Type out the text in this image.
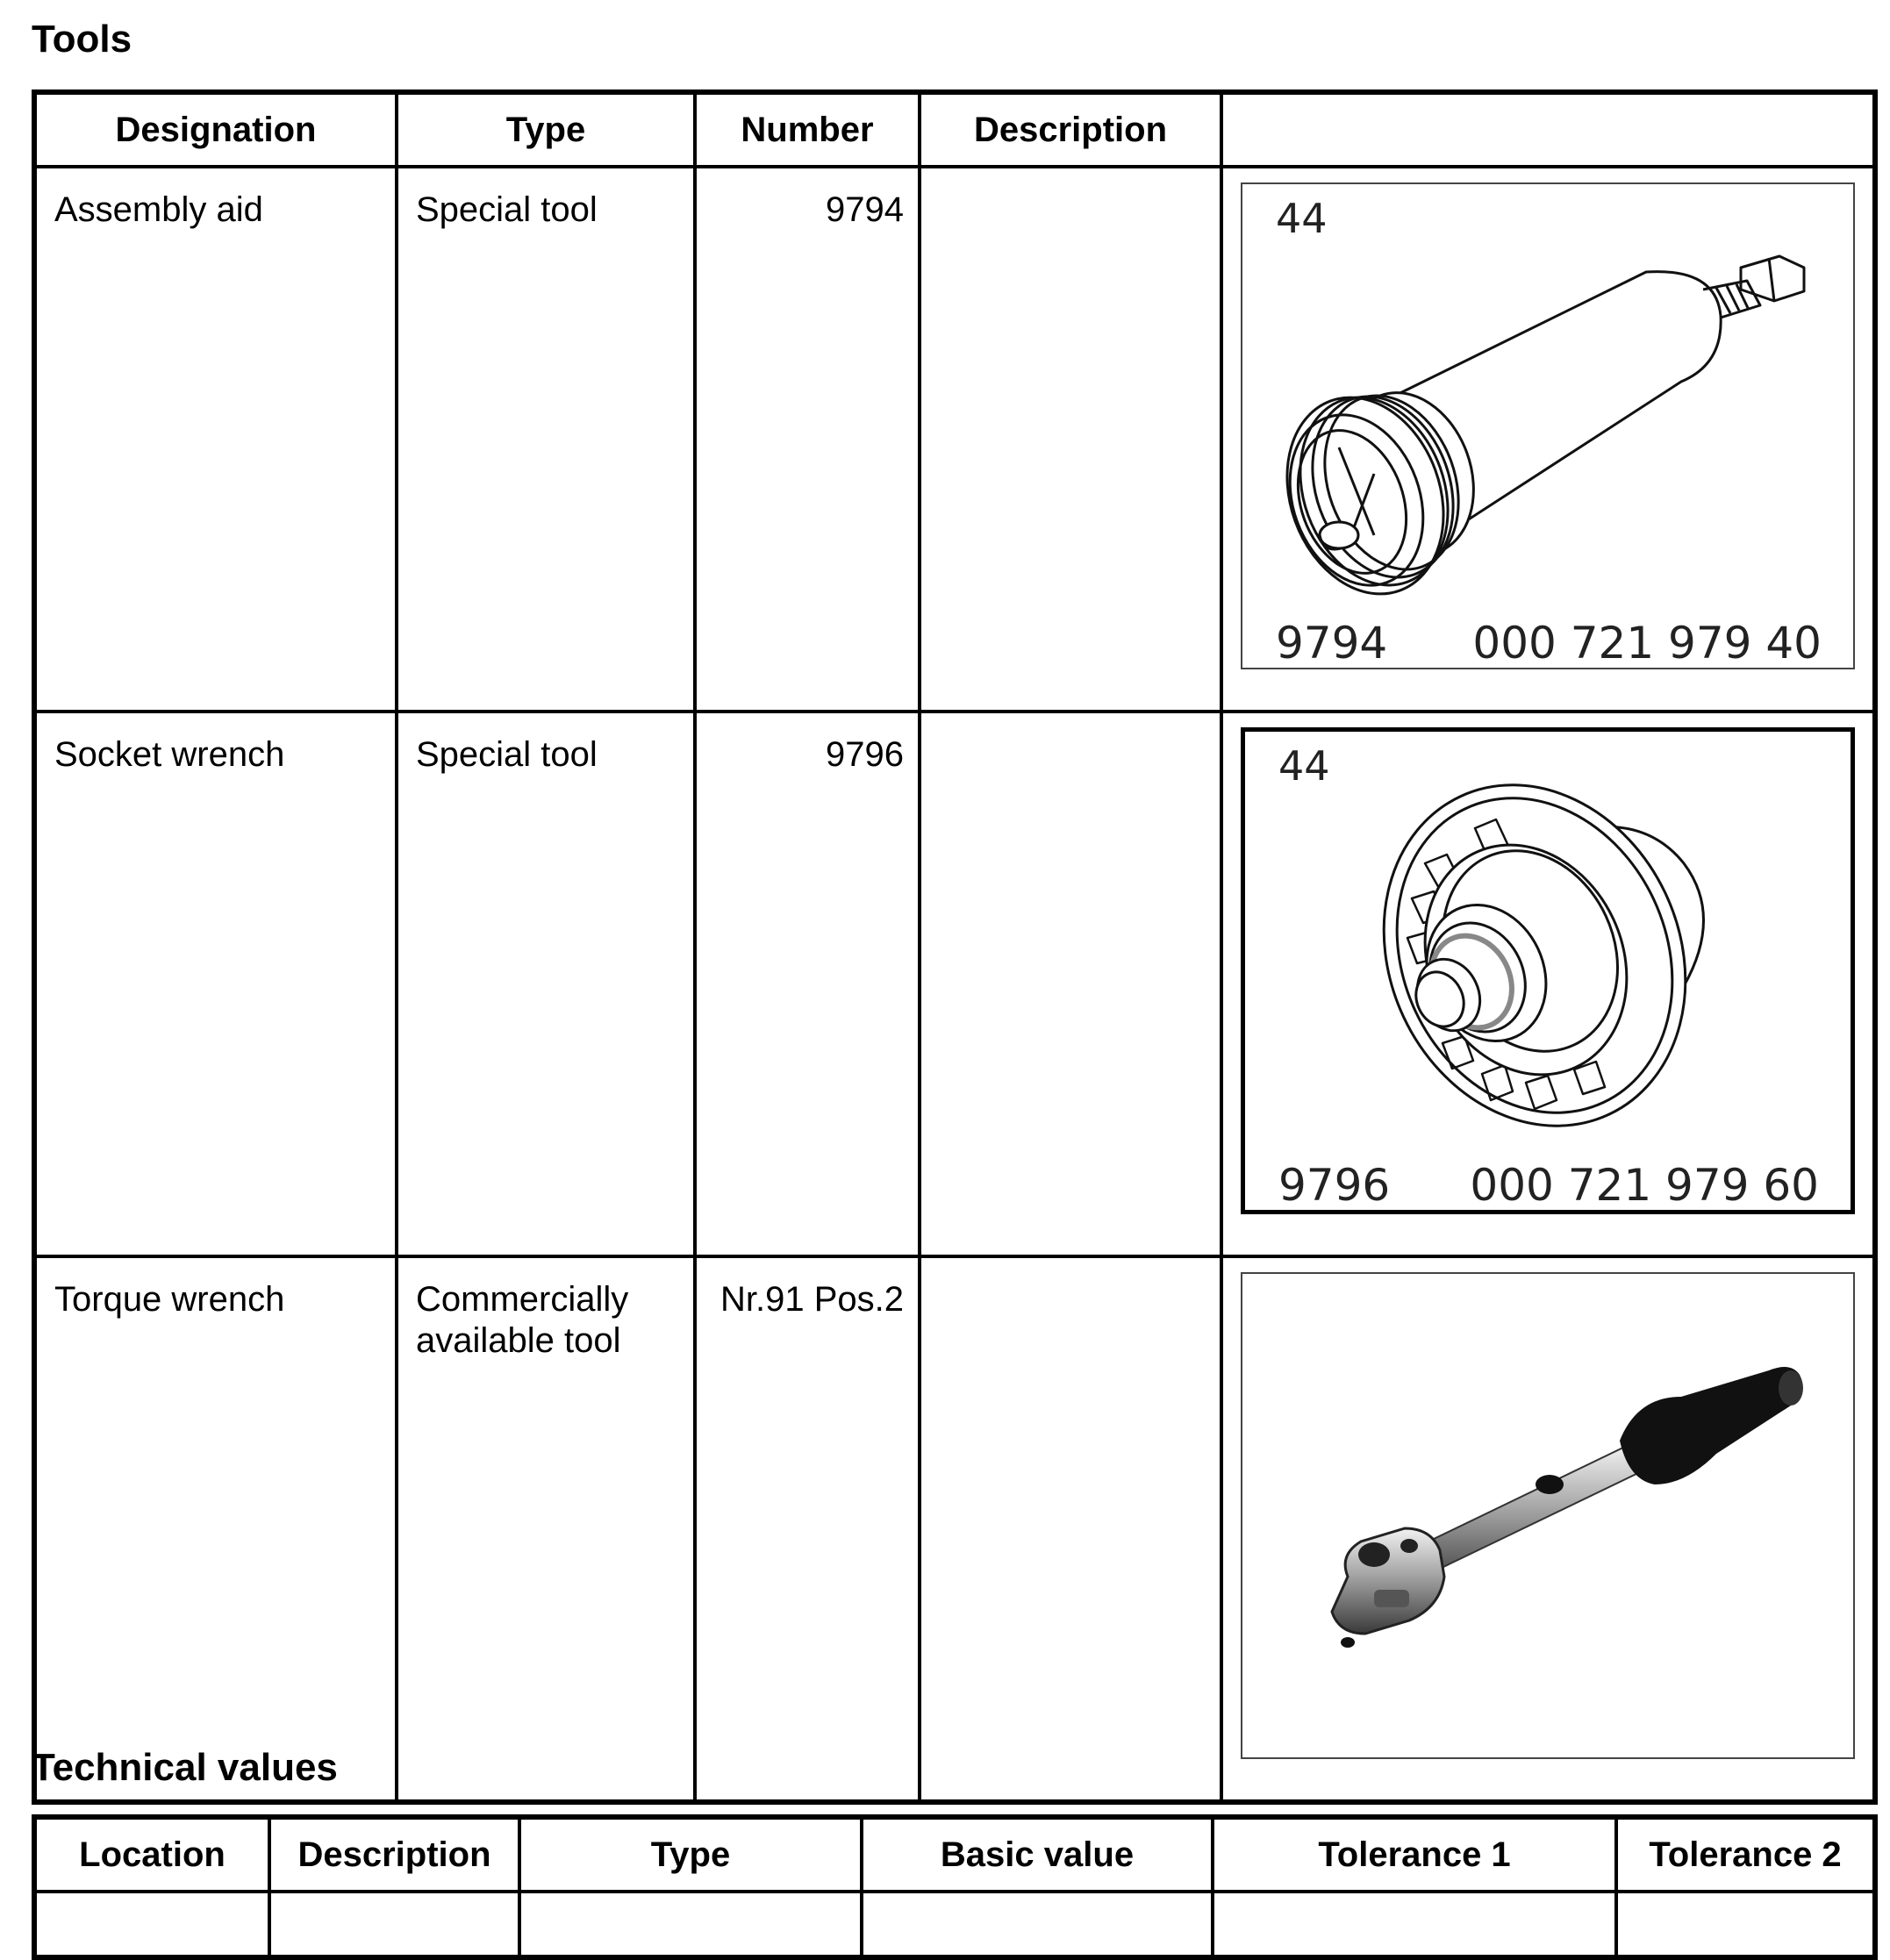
Tools
Designation	Type	Number	Description	
Assembly aid	Special tool	9794		44
9794 000 721 979 40

Socket wrench	Special tool	9796		44
9796 000 721 979 60

Torque wrench	Commercially available tool	Nr.91 Pos.2		
Technical values
Location	Description	Type	Basic value	Tolerance 1	Tolerance 2
